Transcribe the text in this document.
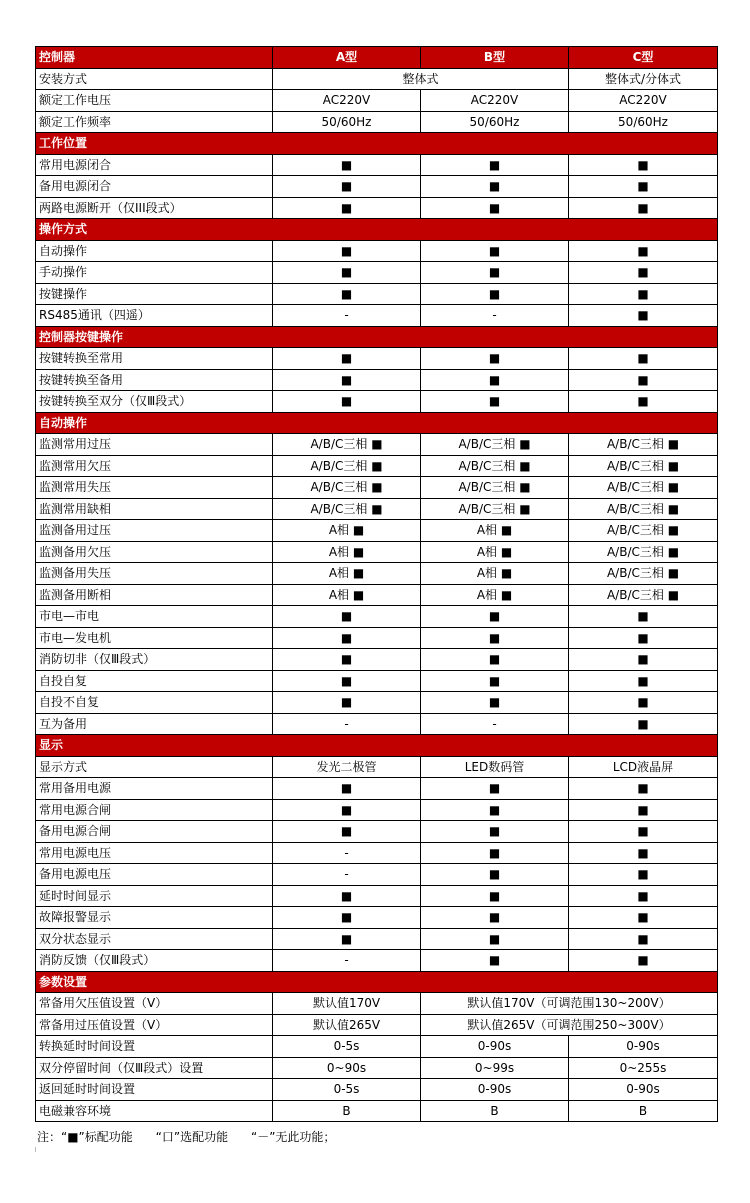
控制器	A型	B型	C型
安装方式	整体式		整体式/分体式
额定工作电压	AC220V	AC220V	AC220V
额定工作频率	50/60Hz	50/60Hz	50/60Hz
工作位置			
常用电源闭合	■	■	■
备用电源闭合	■	■	■
两路电源断开（仅III段式）	■	■	■
操作方式			
自动操作	■	■	■
手动操作	■	■	■
按键操作	■	■	■
RS485通讯（四遥）	-	-	■
控制器按键操作			
按键转换至常用	■	■	■
按键转换至备用	■	■	■
按键转换至双分（仅Ⅲ段式）	■	■	■
自动操作			
监测常用过压	A/B/C三相 ■	A/B/C三相 ■	A/B/C三相 ■
监测常用欠压	A/B/C三相 ■	A/B/C三相 ■	A/B/C三相 ■
监测常用失压	A/B/C三相 ■	A/B/C三相 ■	A/B/C三相 ■
监测常用缺相	A/B/C三相 ■	A/B/C三相 ■	A/B/C三相 ■
监测备用过压	A相 ■	A相 ■	A/B/C三相 ■
监测备用欠压	A相 ■	A相 ■	A/B/C三相 ■
监测备用失压	A相 ■	A相 ■	A/B/C三相 ■
监测备用断相	A相 ■	A相 ■	A/B/C三相 ■
市电—市电	■	■	■
市电—发电机	■	■	■
消防切非（仅Ⅲ段式）	■	■	■
自投自复	■	■	■
自投不自复	■	■	■
互为备用	-	-	■
显示			
显示方式	发光二极管	LED数码管	LCD液晶屏
常用备用电源	■	■	■
常用电源合闸	■	■	■
备用电源合闸	■	■	■
常用电源电压	-	■	■
备用电源电压	-	■	■
延时时间显示	■	■	■
故障报警显示	■	■	■
双分状态显示	■	■	■
消防反馈（仅Ⅲ段式）	-	■	■
参数设置			
常备用欠压值设置（V）	默认值170V	默认值170V（可调范围130~200V）	
常备用过压值设置（V）	默认值265V	默认值265V（可调范围250~300V）	
转换延时时间设置	0-5s	0-90s	0-90s
双分停留时间（仅Ⅲ段式）设置	0~90s	0~99s	0~255s
返回延时时间设置	0-5s	0-90s	0-90s
电磁兼容环境	B	B	B
注：“■”标配功能      “口”选配功能      “－”无此功能；
